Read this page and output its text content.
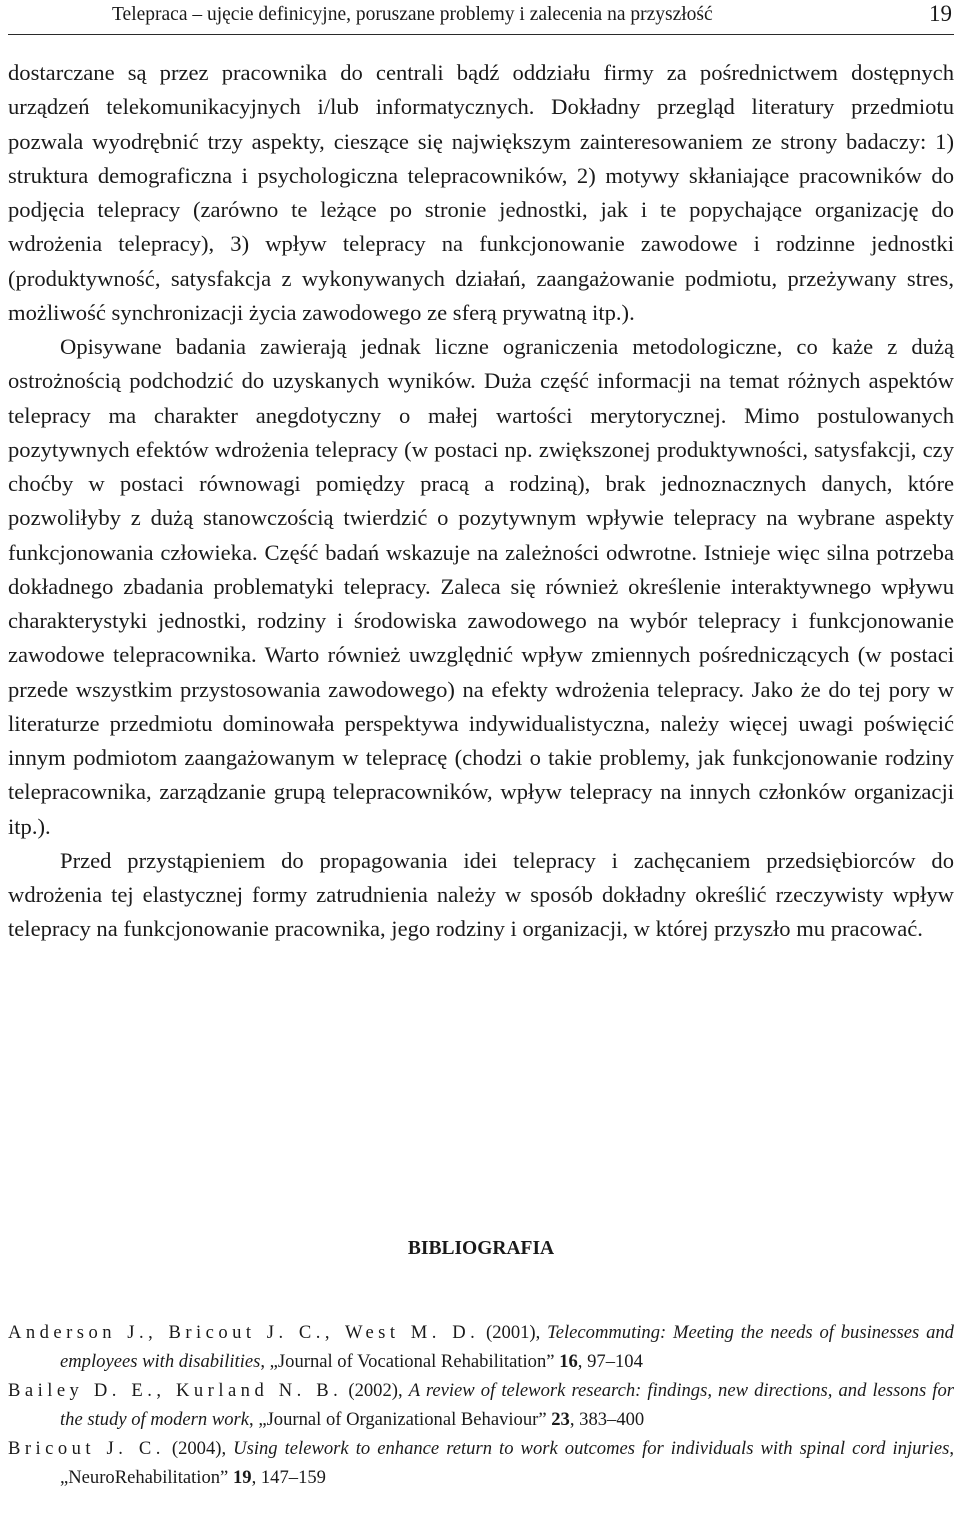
Telepraca – ujęcie definicyjne, poruszane problemy i zalecenia na przyszłość	19

dostarczane są przez pracownika do centrali bądź oddziału firmy za pośrednictwem dostępnych urządzeń telekomunikacyjnych i/lub informatycznych. Dokładny przegląd literatury przedmiotu pozwala wyodrębnić trzy aspekty, cieszące się największym zainteresowaniem ze strony badaczy: 1) struktura demograficzna i psychologiczna telepracowników, 2) motywy skłaniające pracowników do podjęcia telepracy (zarówno te leżące po stronie jednostki, jak i te popychające organizację do wdrożenia telepracy), 3) wpływ telepracy na funkcjonowanie zawodowe i rodzinne jednostki (produktywność, satysfakcja z wykonywanych działań, zaangażowanie podmiotu, przeżywany stres, możliwość synchronizacji życia zawodowego ze sferą prywatną itp.).

Opisywane badania zawierają jednak liczne ograniczenia metodologiczne, co każe z dużą ostrożnością podchodzić do uzyskanych wyników. Duża część informacji na temat różnych aspektów telepracy ma charakter anegdotyczny o małej wartości merytorycznej. Mimo postulowanych pozytywnych efektów wdrożenia telepracy (w postaci np. zwiększonej produktywności, satysfakcji, czy choćby w postaci równowagi pomiędzy pracą a rodziną), brak jednoznacznych danych, które pozwoliłyby z dużą stanowczością twierdzić o pozytywnym wpływie telepracy na wybrane aspekty funkcjonowania człowieka. Część badań wskazuje na zależności odwrotne. Istnieje więc silna potrzeba dokładnego zbadania problematyki telepracy. Zaleca się również określenie interaktywnego wpływu charakterystyki jednostki, rodziny i środowiska zawodowego na wybór telepracy i funkcjonowanie zawodowe telepracownika. Warto również uwzględnić wpływ zmiennych pośredniczących (w postaci przede wszystkim przystosowania zawodowego) na efekty wdrożenia telepracy. Jako że do tej pory w literaturze przedmiotu dominowała perspektywa indywidualistyczna, należy więcej uwagi poświęcić innym podmiotom zaangażowanym w telepracę (chodzi o takie problemy, jak funkcjonowanie rodziny telepracownika, zarządzanie grupą telepracowników, wpływ telepracy na innych członków organizacji itp.).

Przed przystąpieniem do propagowania idei telepracy i zachęcaniem przedsiębiorców do wdrożenia tej elastycznej formy zatrudnienia należy w sposób dokładny określić rzeczywisty wpływ telepracy na funkcjonowanie pracownika, jego rodziny i organizacji, w której przyszło mu pracować.

BIBLIOGRAFIA

Anderson J., Bricout J. C., West M. D. (2001), Telecommuting: Meeting the needs of businesses and employees with disabilities, „Journal of Vocational Rehabilitation” 16, 97–104

Bailey D. E., Kurland N. B. (2002), A review of telework research: findings, new directions, and lessons for the study of modern work, „Journal of Organizational Behaviour” 23, 383–400

Bricout J. C. (2004), Using telework to enhance return to work outcomes for individuals with spinal cord injuries, „NeuroRehabilitation” 19, 147–159
